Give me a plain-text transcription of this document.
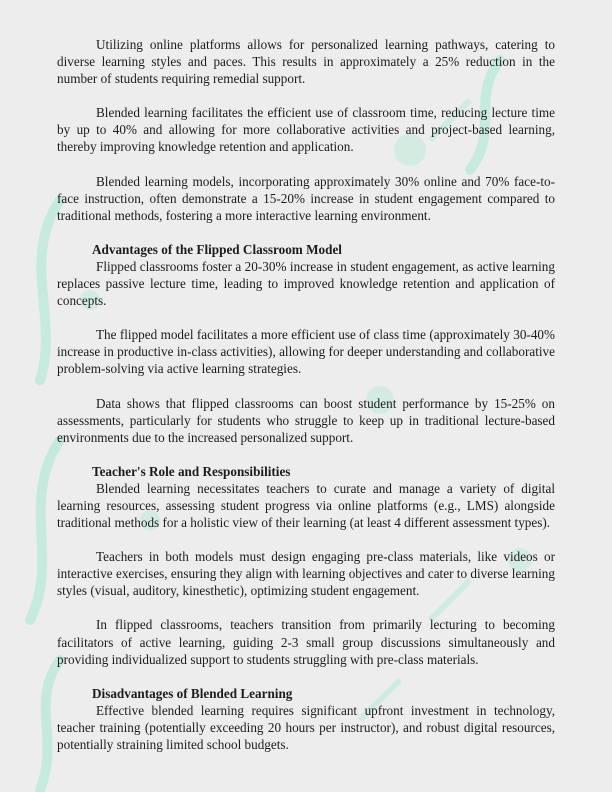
Utilizing online platforms allows for personalized learning pathways, catering to diverse learning styles and paces. This results in approximately a 25% reduction in the number of students requiring remedial support.

Blended learning facilitates the efficient use of classroom time, reducing lecture time by up to 40% and allowing for more collaborative activities and project-based learning, thereby improving knowledge retention and application.

Blended learning models, incorporating approximately 30% online and 70% face-to-face instruction, often demonstrate a 15-20% increase in student engagement compared to traditional methods, fostering a more interactive learning environment.

Advantages of the Flipped Classroom Model

Flipped classrooms foster a 20-30% increase in student engagement, as active learning replaces passive lecture time, leading to improved knowledge retention and application of concepts.

The flipped model facilitates a more efficient use of class time (approximately 30-40% increase in productive in-class activities), allowing for deeper understanding and collaborative problem-solving via active learning strategies.

Data shows that flipped classrooms can boost student performance by 15-25% on assessments, particularly for students who struggle to keep up in traditional lecture-based environments due to the increased personalized support.

Teacher's Role and Responsibilities

Blended learning necessitates teachers to curate and manage a variety of digital learning resources, assessing student progress via online platforms (e.g., LMS) alongside traditional methods for a holistic view of their learning (at least 4 different assessment types).

Teachers in both models must design engaging pre-class materials, like videos or interactive exercises, ensuring they align with learning objectives and cater to diverse learning styles (visual, auditory, kinesthetic), optimizing student engagement.

In flipped classrooms, teachers transition from primarily lecturing to becoming facilitators of active learning, guiding 2-3 small group discussions simultaneously and providing individualized support to students struggling with pre-class materials.

Disadvantages of Blended Learning

Effective blended learning requires significant upfront investment in technology, teacher training (potentially exceeding 20 hours per instructor), and robust digital resources, potentially straining limited school budgets.
